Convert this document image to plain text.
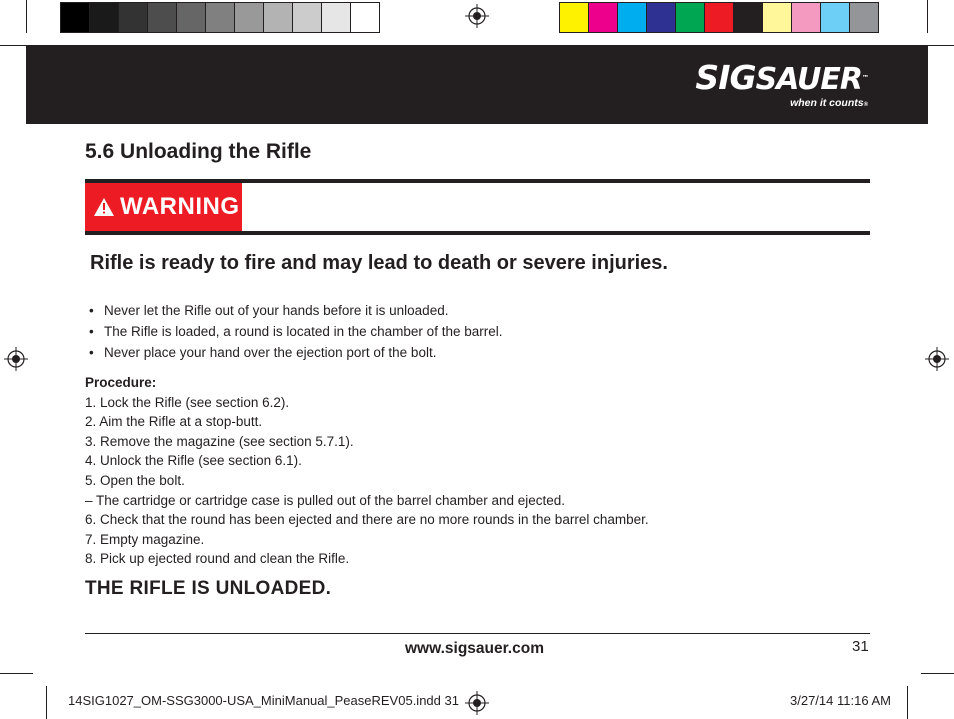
SIGSAUER™
when it counts®
5.6 Unloading the Rifle
WARNING
Rifle is ready to fire and may lead to death or severe injuries.
• Never let the Rifle out of your hands before it is unloaded.
• The Rifle is loaded, a round is located in the chamber of the barrel.
• Never place your hand over the ejection port of the bolt.
Procedure:
1. Lock the Rifle (see section 6.2).
2. Aim the Rifle at a stop-butt.
3. Remove the magazine (see section 5.7.1).
4. Unlock the Rifle (see section 6.1).
5. Open the bolt.
– The cartridge or cartridge case is pulled out of the barrel chamber and ejected.
6. Check that the round has been ejected and there are no more rounds in the barrel chamber.
7. Empty magazine.
8. Pick up ejected round and clean the Rifle.
THE RIFLE IS UNLOADED.
www.sigsauer.com	31
14SIG1027_OM-SSG3000-USA_MiniManual_PeaseREV05.indd 31	3/27/14 11:16 AM
